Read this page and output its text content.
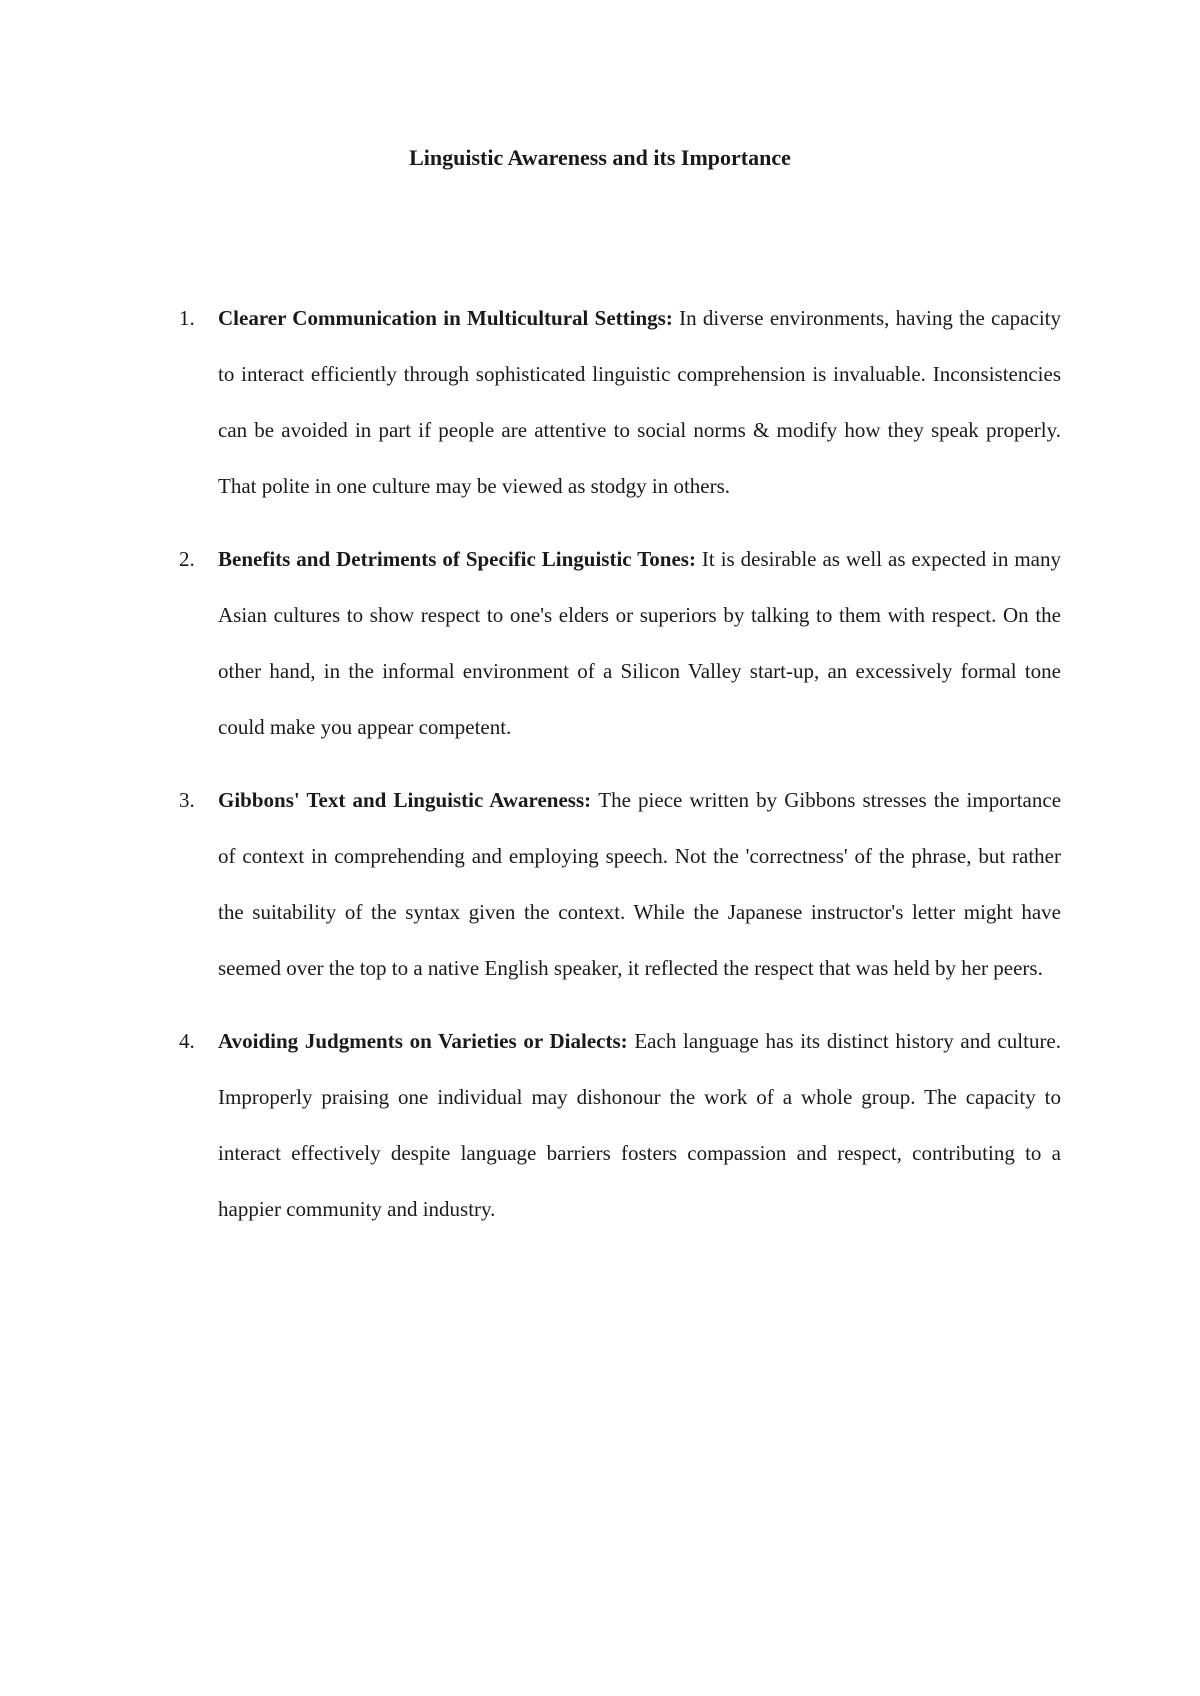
Linguistic Awareness and its Importance
1.	Clearer Communication in Multicultural Settings: In diverse environments, having the capacity to interact efficiently through sophisticated linguistic comprehension is invaluable. Inconsistencies can be avoided in part if people are attentive to social norms & modify how they speak properly. That polite in one culture may be viewed as stodgy in others.
2.	Benefits and Detriments of Specific Linguistic Tones: It is desirable as well as expected in many Asian cultures to show respect to one's elders or superiors by talking to them with respect. On the other hand, in the informal environment of a Silicon Valley start-up, an excessively formal tone could make you appear competent.
3.	Gibbons' Text and Linguistic Awareness: The piece written by Gibbons stresses the importance of context in comprehending and employing speech. Not the 'correctness' of the phrase, but rather the suitability of the syntax given the context. While the Japanese instructor's letter might have seemed over the top to a native English speaker, it reflected the respect that was held by her peers.
4.	Avoiding Judgments on Varieties or Dialects: Each language has its distinct history and culture. Improperly praising one individual may dishonour the work of a whole group. The capacity to interact effectively despite language barriers fosters compassion and respect, contributing to a happier community and industry.
